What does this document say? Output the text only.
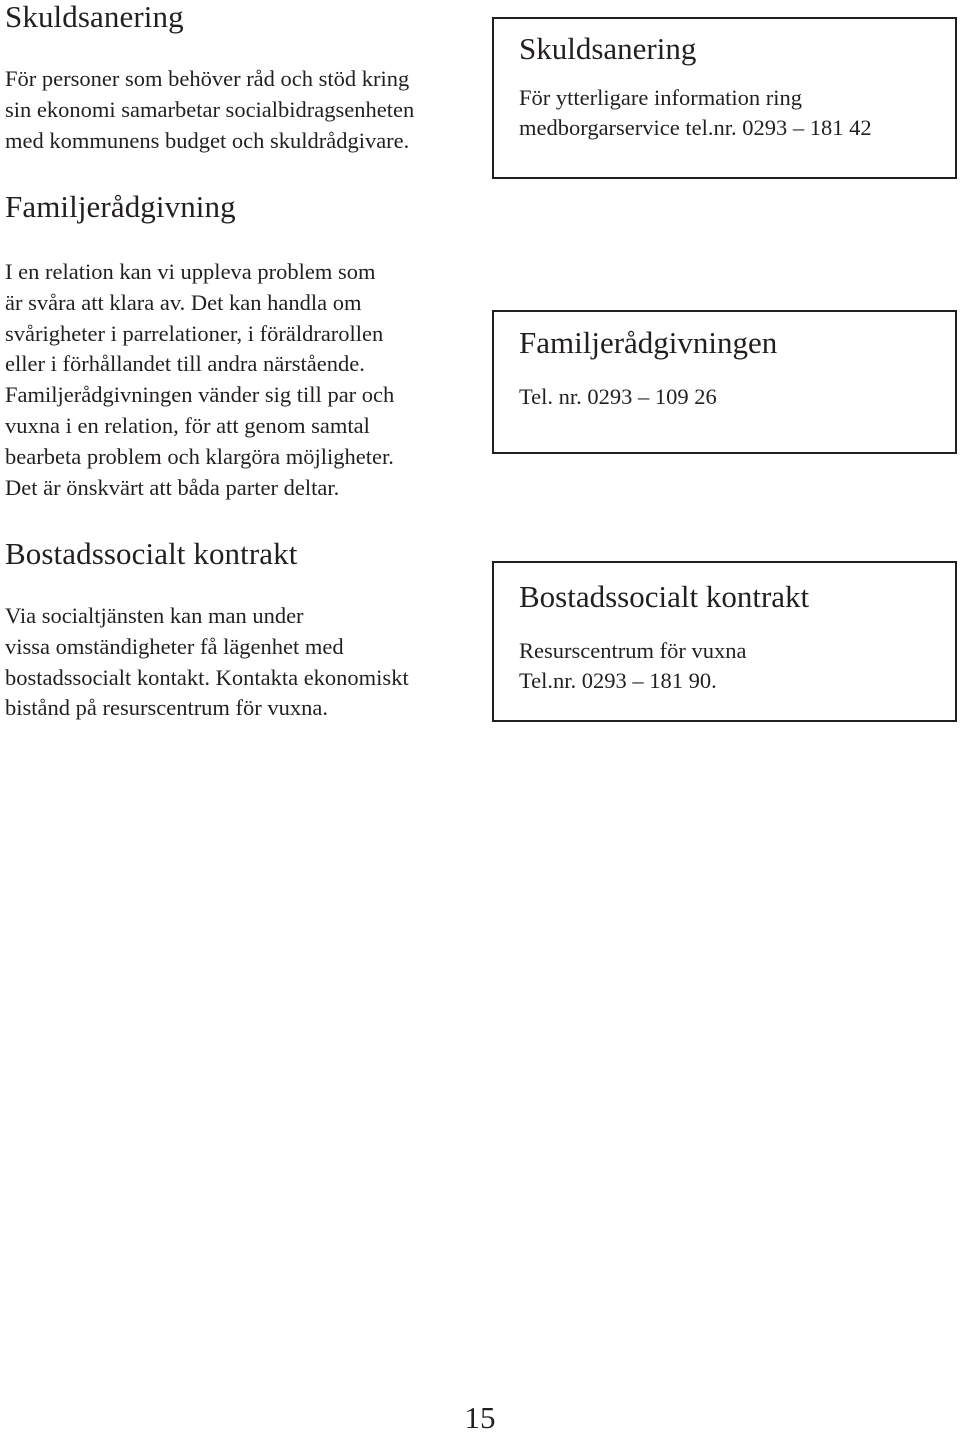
Skuldsanering
För personer som behöver råd och stöd kring
sin ekonomi samarbetar socialbidragsenheten
med kommunens budget och skuldrådgivare.
Familjerådgivning
I en relation kan vi uppleva problem som
är svåra att klara av. Det kan handla om
svårigheter i parrelationer, i föräldrarollen
eller i förhållandet till andra närstående.
Familjerådgivningen vänder sig till par och
vuxna i en relation, för att genom samtal
bearbeta problem och klargöra möjligheter.
Det är önskvärt att båda parter deltar.
Bostadssocialt kontrakt
Via socialtjänsten kan man under
vissa omständigheter få lägenhet med
bostadssocialt kontakt. Kontakta ekonomiskt
bistånd på resurscentrum för vuxna.
Skuldsanering
För ytterligare information ring
medborgarservice tel.nr. 0293 – 181 42
Familjerådgivningen
Tel. nr. 0293 – 109 26
Bostadssocialt kontrakt
Resurscentrum för vuxna
Tel.nr. 0293 – 181 90.
15
